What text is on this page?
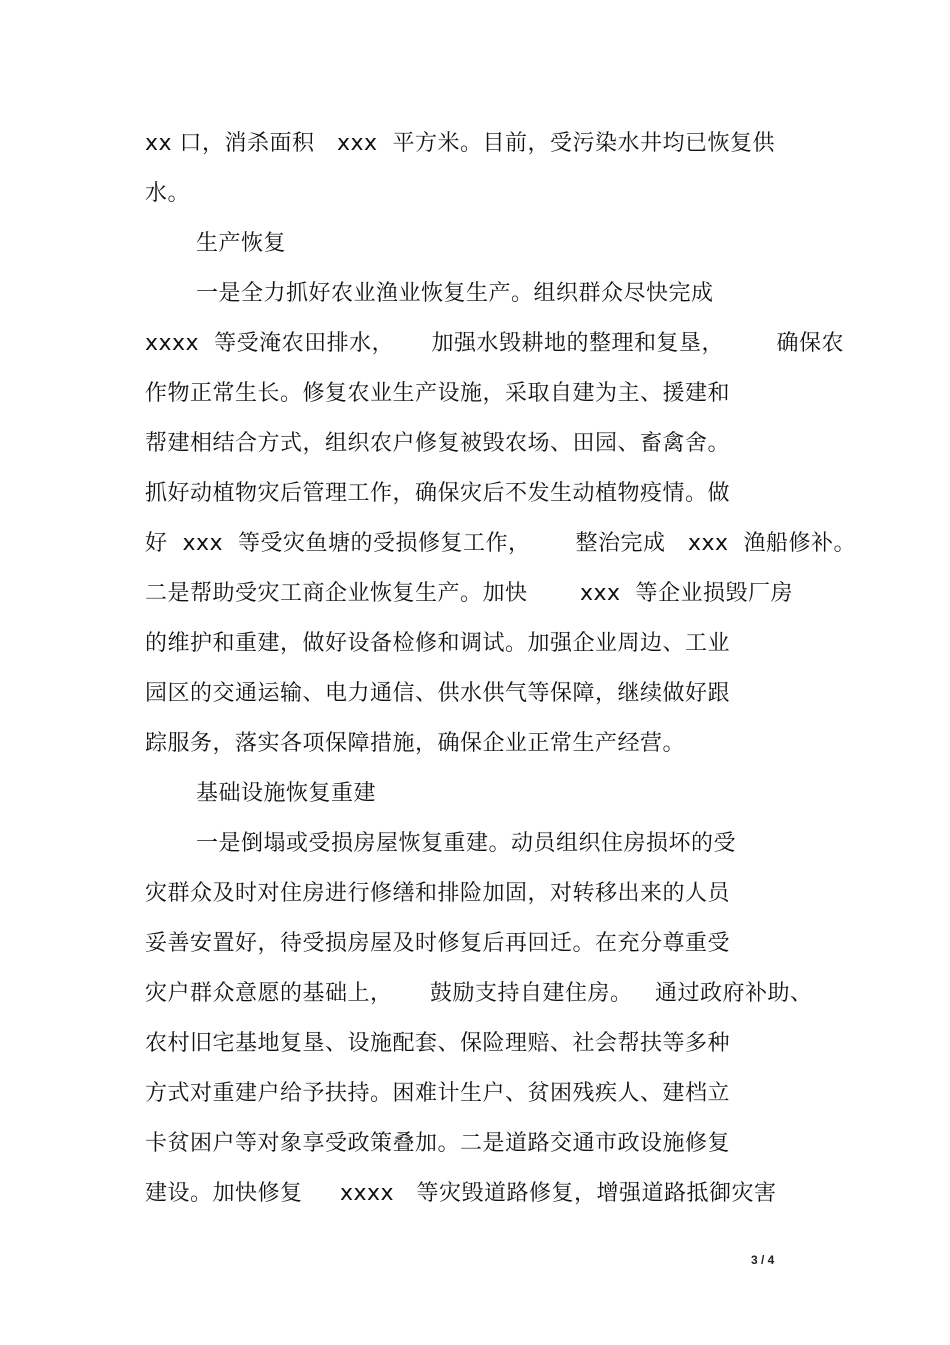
xx 口，消杀面积   xxx  平方米。目前，受污染水井均已恢复供

水。

生产恢复

一是全力抓好农业渔业恢复生产。组织群众尽快完成

xxxx  等受淹农田排水，     加强水毁耕地的整理和复垦，       确保农

作物正常生长。修复农业生产设施，采取自建为主、援建和

帮建相结合方式，组织农户修复被毁农场、田园、畜禽舍。

抓好动植物灾后管理工作，确保灾后不发生动植物疫情。做

好  xxx  等受灾鱼塘的受损修复工作，      整治完成   xxx  渔船修补。

二是帮助受灾工商企业恢复生产。加快       xxx  等企业损毁厂房

的维护和重建，做好设备检修和调试。加强企业周边、工业

园区的交通运输、电力通信、供水供气等保障，继续做好跟

踪服务，落实各项保障措施，确保企业正常生产经营。

基础设施恢复重建

一是倒塌或受损房屋恢复重建。动员组织住房损坏的受

灾群众及时对住房进行修缮和排险加固，对转移出来的人员

妥善安置好，待受损房屋及时修复后再回迁。在充分尊重受

灾户群众意愿的基础上，     鼓励支持自建住房。   通过政府补助、

农村旧宅基地复垦、设施配套、保险理赔、社会帮扶等多种

方式对重建户给予扶持。困难计生户、贫困残疾人、建档立

卡贫困户等对象享受政策叠加。二是道路交通市政设施修复

建设。加快修复     xxxx   等灾毁道路修复，增强道路抵御灾害

3 / 4
